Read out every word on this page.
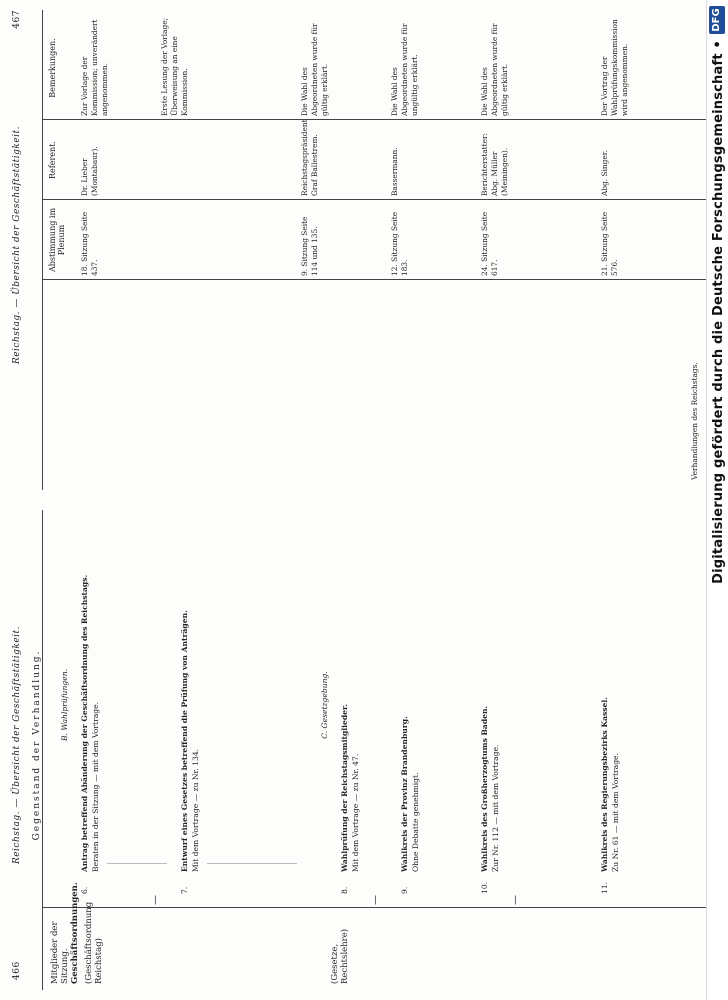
466
Reichstag. — Übersicht der Geschäftstätigkeit. Gegenstand der Verhandlung.
Mitglieder der Sitzung. Geschäftsordnungen. (Geschäftsordnung Reichstag)	(Gesetze, Rechtslehre)
B. Wahlprüfungen.
6.
Antrag betreffend Abänderung der Geschäftsordnung des Reichstags. Beraten in der Sitzung — mit dem Vortrage.
—
7.
Entwurf eines Gesetzes betreffend die Prüfung von Anträgen. Mit dem Vortrage — zu Nr. 134.
C. Gesetzgebung.
8.
Wahlprüfung der Reichstagsmitglieder. Mit dem Vortrage — zu Nr. 47.
—
9.
Wahlkreis der Provinz Brandenburg. Ohne Debatte genehmigt.
10.
Wahlkreis des Großherzogtums Baden. Zur Nr. 112 — mit dem Vortrage.
—
11.
Wahlkreis des Regierungsbezirks Kassel. Zu Nr. 61 — mit dem Vortrage.
Reichstag. — Übersicht der Geschäftstätigkeit.
467
Abstimmung im Plenum
Referent.
Bemerkungen.
18. Sitzung Seite 437.
Dr. Lieber (Montabaur).
Zur Vorlage der Kommission; unverändert angenommen.	Erste Lesung der Vorlage; Überweisung an eine Kommission.
9. Sitzung Seite 114 und 135.
Reichstagspräsident Graf Ballestrem.
Die Wahl des Abgeordneten wurde für gültig erklärt.
12. Sitzung Seite 183.
Bassermann.
Die Wahl des Abgeordneten wurde für ungültig erklärt.
24. Sitzung Seite 617.
Berichterstatter: Abg. Müller (Meiningen).
Die Wahl des Abgeordneten wurde für gültig erklärt.
21. Sitzung Seite 576.
Abg. Singer.
Der Vortrag der Wahlprüfungskommission wird angenommen.
Verhandlungen des Reichstags. Digitalisierung gefördert durch die Deutsche Forschungsgemeinschaft •
DFG
